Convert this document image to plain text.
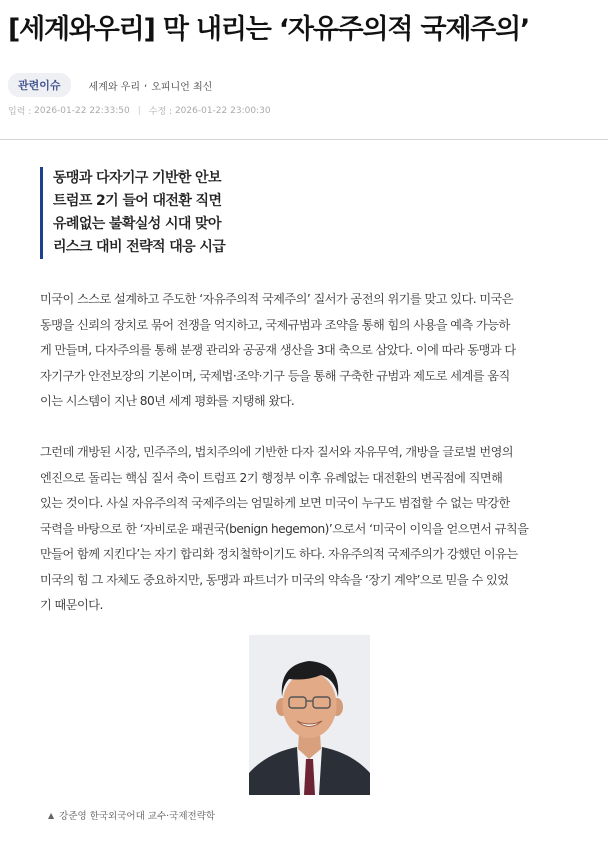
[세계와우리] 막 내리는 ‘자유주의적 국제주의’
관련이슈	세계와 우리 , 오피니언 최신
입력 :
2026-01-22 22:33:50 | 수정 :
2026-01-22 23:00:30
동맹과 다자기구 기반한 안보
트럼프 2기 들어 대전환 직면
유례없는 불확실성 시대 맞아
리스크 대비 전략적 대응 시급
미국이 스스로 설계하고 주도한 ‘자유주의적 국제주의’ 질서가 공전의 위기를 맞고 있다. 미국은
동맹을 신뢰의 장치로 묶어 전쟁을 억지하고, 국제규범과 조약을 통해 힘의 사용을 예측 가능하
게 만들며, 다자주의를 통해 분쟁 관리와 공공재 생산을 3대 축으로 삼았다. 이에 따라 동맹과 다
자기구가 안전보장의 기본이며, 국제법·조약·기구 등을 통해 구축한 규범과 제도로 세계를 움직
이는 시스템이 지난 80년 세계 평화를 지탱해 왔다.
그런데 개방된 시장, 민주주의, 법치주의에 기반한 다자 질서와 자유무역, 개방을 글로벌 번영의
엔진으로 돌리는 핵심 질서 축이 트럼프 2기 행정부 이후 유례없는 대전환의 변곡점에 직면해
있는 것이다. 사실 자유주의적 국제주의는 엄밀하게 보면 미국이 누구도 범접할 수 없는 막강한
국력을 바탕으로 한 ‘자비로운 패권국(benign hegemon)’으로서 ‘미국이 이익을 얻으면서 규칙을
만들어 함께 지킨다’는 자기 합리화 정치철학이기도 하다. 자유주의적 국제주의가 강했던 이유는
미국의 힘 그 자체도 중요하지만, 동맹과 파트너가 미국의 약속을 ‘장기 계약’으로 믿을 수 있었
기 때문이다.
▲ 강준영 한국외국어대 교수·국제전략학
